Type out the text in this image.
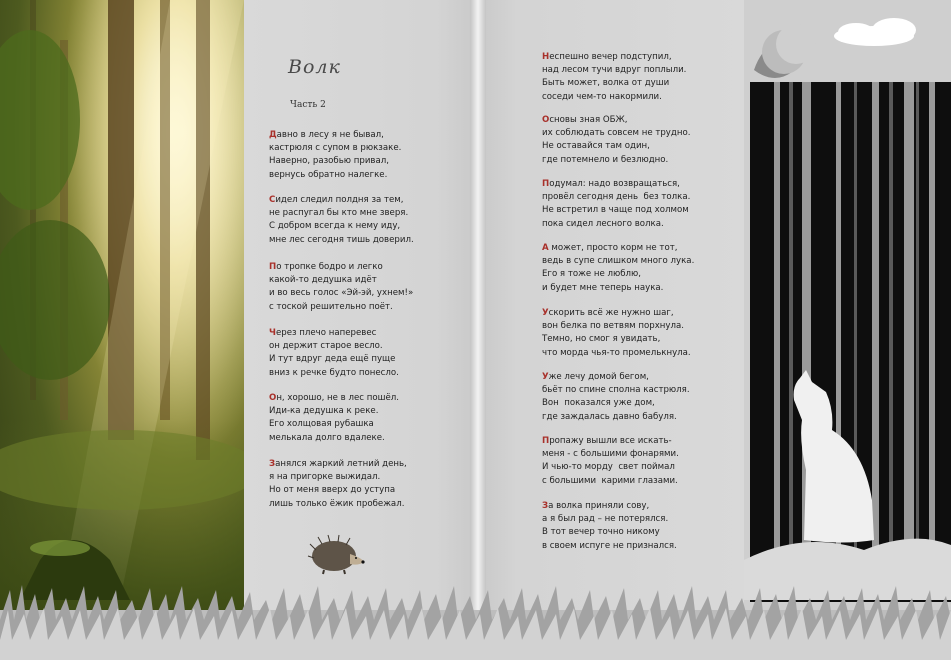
Волк
Часть 2
Давно в лесу я не бывал,
кастрюля с супом в рюкзаке.
Наверно, разобью привал,
вернусь обратно налегке.
Сидел следил полдня за тем,
не распугал бы кто мне зверя.
С добром всегда к нему иду,
мне лес сегодня тишь доверил.
По тропке бодро и легко
какой-то дедушка идёт
и во весь голос «Эй-эй, ухнем!»
с тоской решительно поёт.
Через плечо наперевес
он держит старое весло.
И тут вдруг деда ещё пуще
вниз к речке будто понесло.
Он, хорошо, не в лес пошёл.
Иди-ка дедушка к реке.
Его холщовая рубашка
мелькала долго вдалеке.
Занялся жаркий летний день,
я на пригорке выжидал.
Но от меня вверх до уступа
лишь только ёжик пробежал.
Неспешно вечер подступил,
над лесом тучи вдруг поплыли.
Быть может, волка от души
соседи чем-то накормили.
Основы зная ОБЖ,
их соблюдать совсем не трудно.
Не оставайся там один,
где потемнело и безлюдно.
Подумал: надо возвращаться,
провёл сегодня день  без толка.
Не встретил в чаще под холмом
пока сидел лесного волка.
А может, просто корм не тот,
ведь в супе слишком много лука.
Его я тоже не люблю,
и будет мне теперь наука.
Ускорить всё же нужно шаг,
вон белка по ветвям порхнула.
Темно, но смог я увидать,
что морда чья-то промелькнула.
Уже лечу домой бегом,
бьёт по спине сполна кастрюля.
Вон  показался уже дом,
где заждалась давно бабуля.
Пропажу вышли все искать-
меня - с большими фонарями.
И чью-то морду  свет поймал
с большими  карими глазами.
За волка приняли сову,
а я был рад – не потерялся.
В тот вечер точно никому
в своем испуге не признался.
